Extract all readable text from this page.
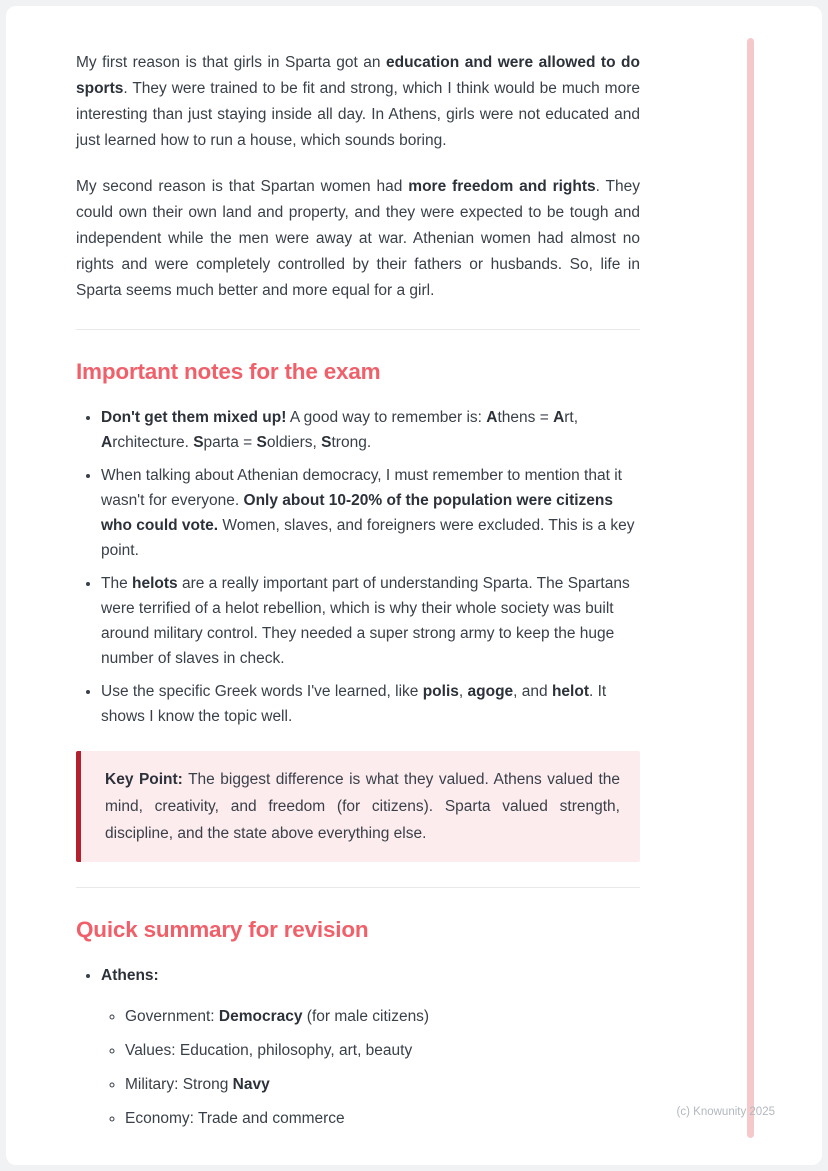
My first reason is that girls in Sparta got an education and were allowed to do sports. They were trained to be fit and strong, which I think would be much more interesting than just staying inside all day. In Athens, girls were not educated and just learned how to run a house, which sounds boring.

My second reason is that Spartan women had more freedom and rights. They could own their own land and property, and they were expected to be tough and independent while the men were away at war. Athenian women had almost no rights and were completely controlled by their fathers or husbands. So, life in Sparta seems much better and more equal for a girl.

Important notes for the exam
• Don't get them mixed up! A good way to remember is: Athens = Art, Architecture. Sparta = Soldiers, Strong.
• When talking about Athenian democracy, I must remember to mention that it wasn't for everyone. Only about 10-20% of the population were citizens who could vote. Women, slaves, and foreigners were excluded. This is a key point.
• The helots are a really important part of understanding Sparta. The Spartans were terrified of a helot rebellion, which is why their whole society was built around military control. They needed a super strong army to keep the huge number of slaves in check.
• Use the specific Greek words I've learned, like polis, agoge, and helot. It shows I know the topic well.

Key Point: The biggest difference is what they valued. Athens valued the mind, creativity, and freedom (for citizens). Sparta valued strength, discipline, and the state above everything else.

Quick summary for revision
• Athens:
◦ Government: Democracy (for male citizens)
◦ Values: Education, philosophy, art, beauty
◦ Military: Strong Navy
◦ Economy: Trade and commerce	(c) Knowunity 2025
